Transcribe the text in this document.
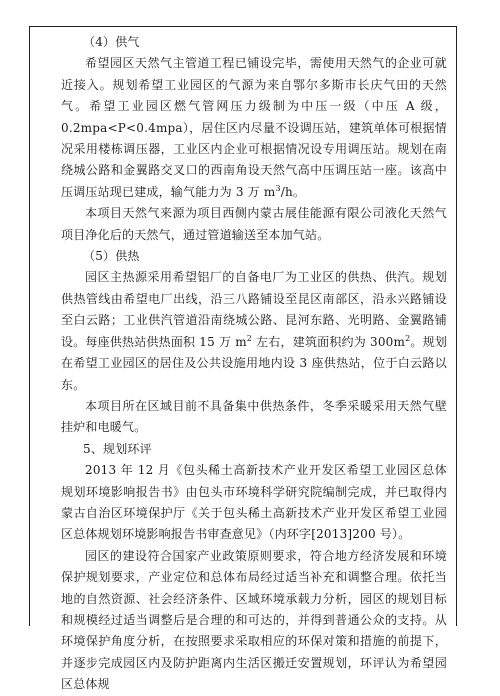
（4）供气

希望园区天然气主管道工程已铺设完毕，需使用天然气的企业可就近接入。规划希望工业园区的气源为来自鄂尔多斯市长庆气田的天然气。希望工业园区燃气管网压力级制为中压一级（中压 A 级，0.2mpa<P<0.4mpa），居住区内尽量不设调压站，建筑单体可根据情况采用楼栋调压器，工业区内企业可根据情况设专用调压站。规划在南绕城公路和金翼路交叉口的西南角设天然气高中压调压站一座。该高中压调压站现已建成，输气能力为 3 万 $m^3/h$。

本项目天然气来源为项目西侧内蒙古展佳能源有限公司液化天然气项目净化后的天然气，通过管道输送至本加气站。

（5）供热

园区主热源采用希望铝厂的自备电厂为工业区的供热、供汽。规划供热管线由希望电厂出线，沿三八路铺设至昆区南部区，沿永兴路铺设至白云路；工业供汽管道沿南绕城公路、昆河东路、光明路、金翼路铺设。每座供热站供热面积 15 万 $m^2$ 左右，建筑面积约为 $300m^2$。规划在希望工业园区的居住及公共设施用地内设 3 座供热站，位于白云路以东。

本项目所在区域目前不具备集中供热条件，冬季采暖采用天然气壁挂炉和电暖气。

5、规划环评

2013 年 12 月《包头稀土高新技术产业开发区希望工业园区总体规划环境影响报告书》由包头市环境科学研究院编制完成，并已取得内蒙古自治区环境保护厅《关于包头稀土高新技术产业开发区希望工业园区总体规划环境影响报告书审查意见》（内环字[2013]200 号）。

园区的建设符合国家产业政策原则要求，符合地方经济发展和环境保护规划要求，产业定位和总体布局经过适当补充和调整合理。依托当地的自然资源、社会经济条件、区域环境承载力分析，园区的规划目标和规模经过适当调整后是合理的和可达的，并得到普通公众的支持。从环境保护角度分析，在按照要求采取相应的环保对策和措施的前提下，并逐步完成园区内及防护距离内生活区搬迁安置规划，环评认为希望园区总体规
